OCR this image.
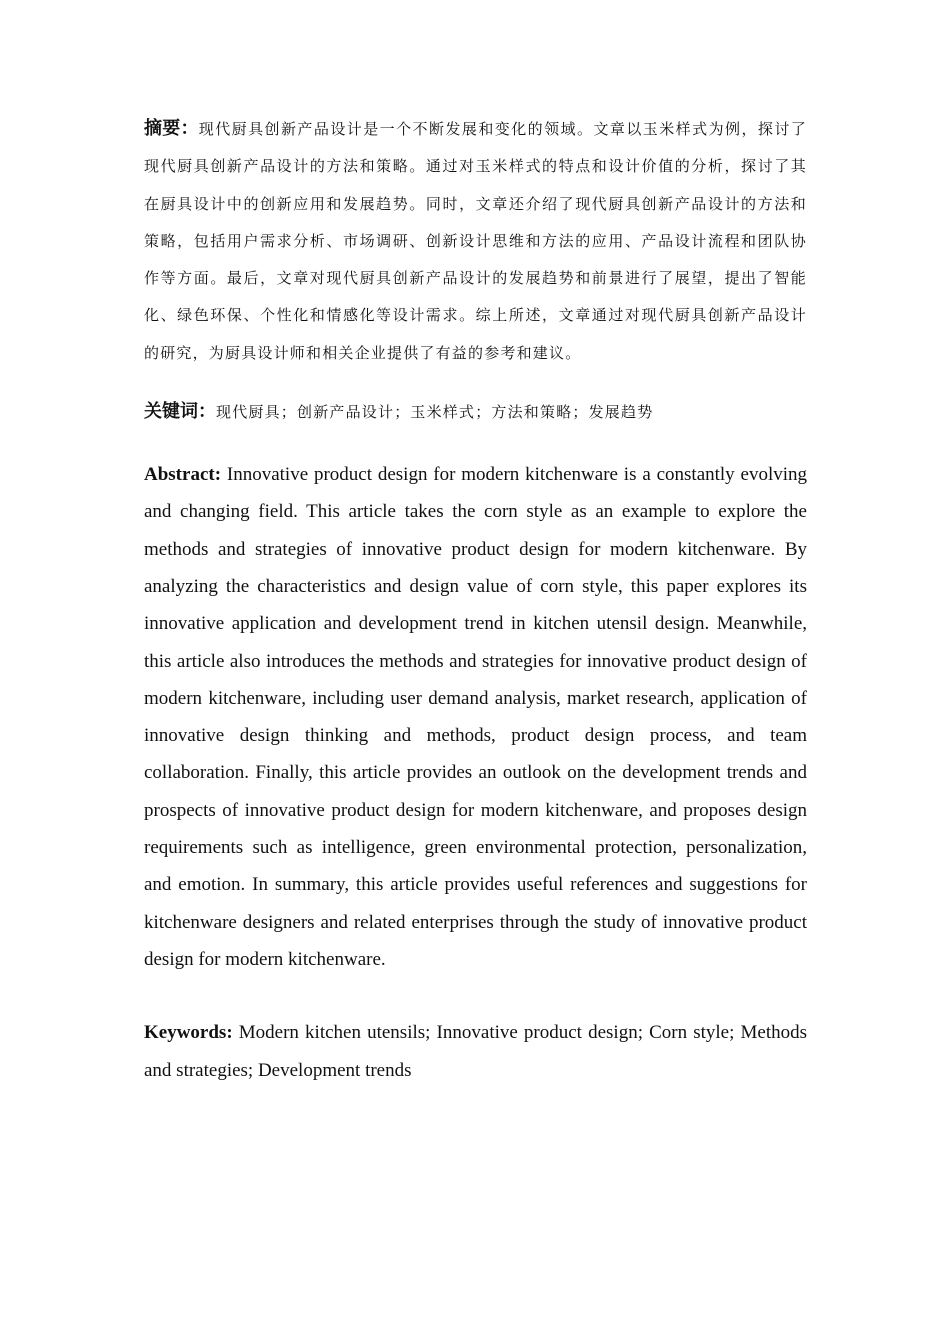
摘要：现代厨具创新产品设计是一个不断发展和变化的领域。文章以玉米样式为例，探讨了现代厨具创新产品设计的方法和策略。通过对玉米样式的特点和设计价值的分析，探讨了其在厨具设计中的创新应用和发展趋势。同时，文章还介绍了现代厨具创新产品设计的方法和策略，包括用户需求分析、市场调研、创新设计思维和方法的应用、产品设计流程和团队协作等方面。最后，文章对现代厨具创新产品设计的发展趋势和前景进行了展望，提出了智能化、绿色环保、个性化和情感化等设计需求。综上所述，文章通过对现代厨具创新产品设计的研究，为厨具设计师和相关企业提供了有益的参考和建议。

关键词：现代厨具；创新产品设计；玉米样式；方法和策略；发展趋势

Abstract: Innovative product design for modern kitchenware is a constantly evolving and changing field. This article takes the corn style as an example to explore the methods and strategies of innovative product design for modern kitchenware. By analyzing the characteristics and design value of corn style, this paper explores its innovative application and development trend in kitchen utensil design. Meanwhile, this article also introduces the methods and strategies for innovative product design of modern kitchenware, including user demand analysis, market research, application of innovative design thinking and methods, product design process, and team collaboration. Finally, this article provides an outlook on the development trends and prospects of innovative product design for modern kitchenware, and proposes design requirements such as intelligence, green environmental protection, personalization, and emotion. In summary, this article provides useful references and suggestions for kitchenware designers and related enterprises through the study of innovative product design for modern kitchenware.

Keywords: Modern kitchen utensils; Innovative product design; Corn style; Methods and strategies; Development trends
